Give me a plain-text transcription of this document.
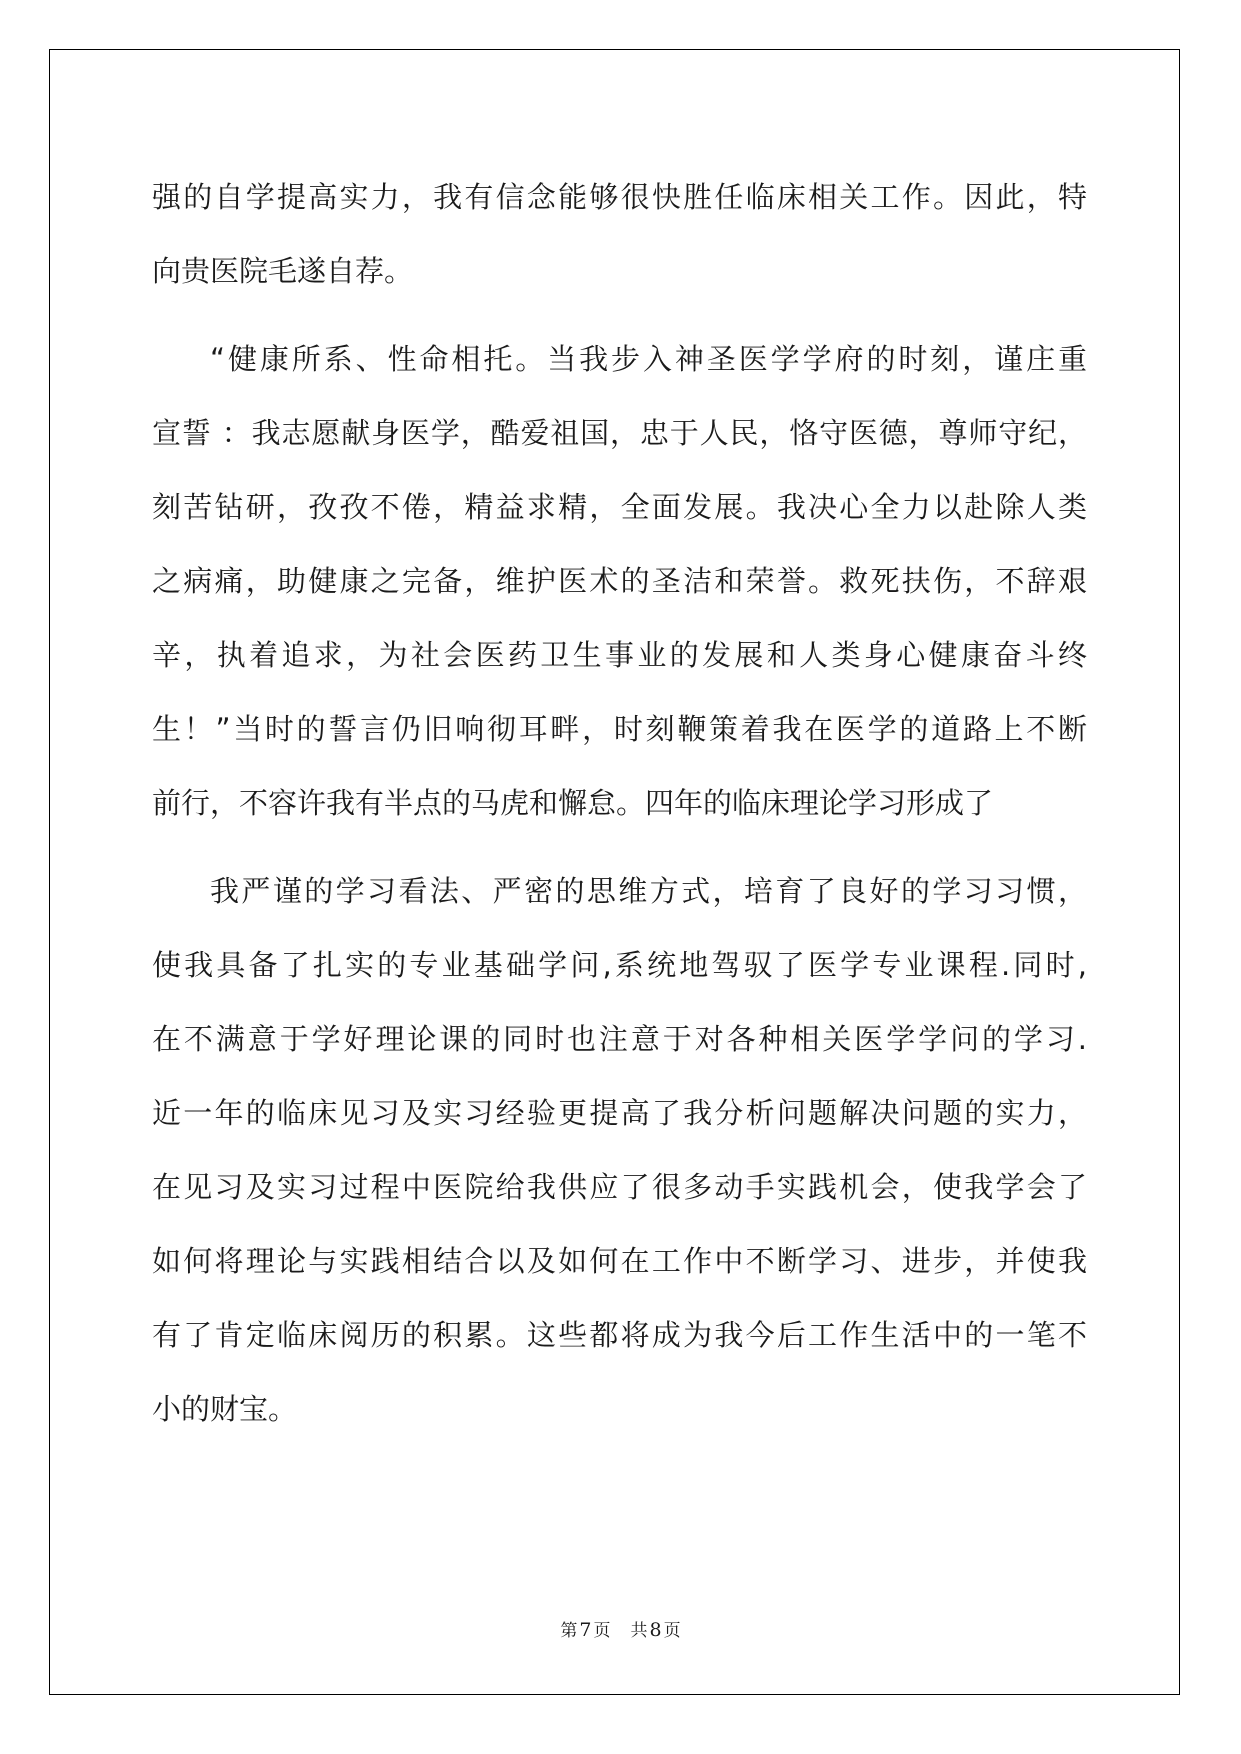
强的自学提高实力，我有信念能够很快胜任临床相关工作。因此，特
向贵医院毛遂自荐。
“健康所系、性命相托。当我步入神圣医学学府的时刻，谨庄重
宣誓 ：我志愿献身医学，酷爱祖国，忠于人民，恪守医德，尊师守纪，
刻苦钻研，孜孜不倦，精益求精，全面发展。我决心全力以赴除人类
之病痛，助健康之完备，维护医术的圣洁和荣誉。救死扶伤，不辞艰
辛，执着追求，为社会医药卫生事业的发展和人类身心健康奋斗终
生！”当时的誓言仍旧响彻耳畔，时刻鞭策着我在医学的道路上不断
前行，不容许我有半点的马虎和懈怠。四年的临床理论学习形成了
我严谨的学习看法、严密的思维方式，培育了良好的学习习惯，
使我具备了扎实的专业基础学问,系统地驾驭了医学专业课程.同时,
在不满意于学好理论课的同时也注意于对各种相关医学学问的学习.
近一年的临床见习及实习经验更提高了我分析问题解决问题的实力，
在见习及实习过程中医院给我供应了很多动手实践机会，使我学会了
如何将理论与实践相结合以及如何在工作中不断学习、进步，并使我
有了肯定临床阅历的积累。这些都将成为我今后工作生活中的一笔不
小的财宝。
第 7 页 共 8 页
